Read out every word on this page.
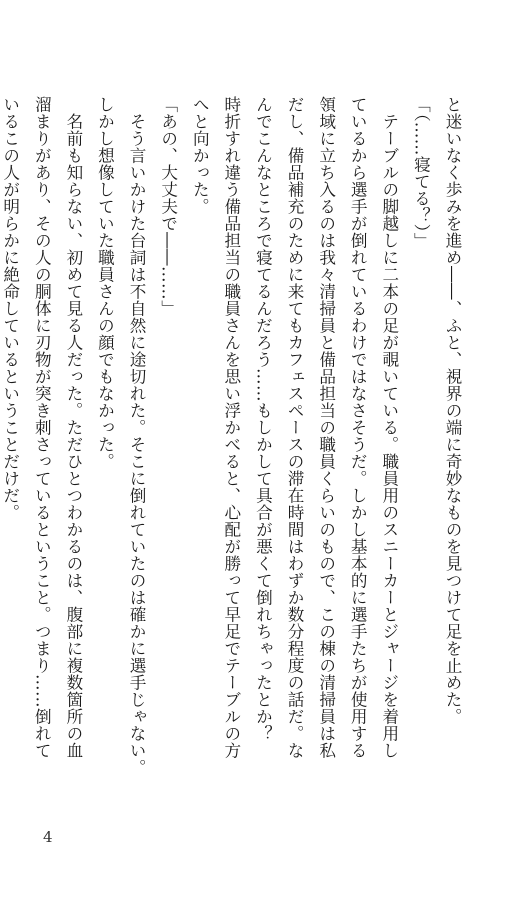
と迷いなく歩みを進め――、ふと、視界の端に奇妙なものを見つけて足を止めた。
「（……寝てる？）」
　テーブルの脚越しに二本の足が覗いている。職員用のスニーカーとジャージを着用し
ているから選手が倒れているわけではなさそうだ。しかし基本的に選手たちが使用する
領域に立ち入るのは我々清掃員と備品担当の職員くらいのもので、この棟の清掃員は私
だし、備品補充のために来てもカフェスペースの滞在時間はわずか数分程度の話だ。な
んでこんなところで寝てるんだろう……もしかして具合が悪くて倒れちゃったとか？
時折すれ違う備品担当の職員さんを思い浮かべると、心配が勝って早足でテーブルの方
へと向かった。
「あの、大丈夫で――……」
　そう言いかけた台詞は不自然に途切れた。そこに倒れていたのは確かに選手じゃない。
しかし想像していた職員さんの顔でもなかった。
　名前も知らない、初めて見る人だった。ただひとつわかるのは、腹部に複数箇所の血
溜まりがあり、その人の胴体に刃物が突き刺さっているということ。つまり……倒れて
いるこの人が明らかに絶命しているということだけだ。
4
